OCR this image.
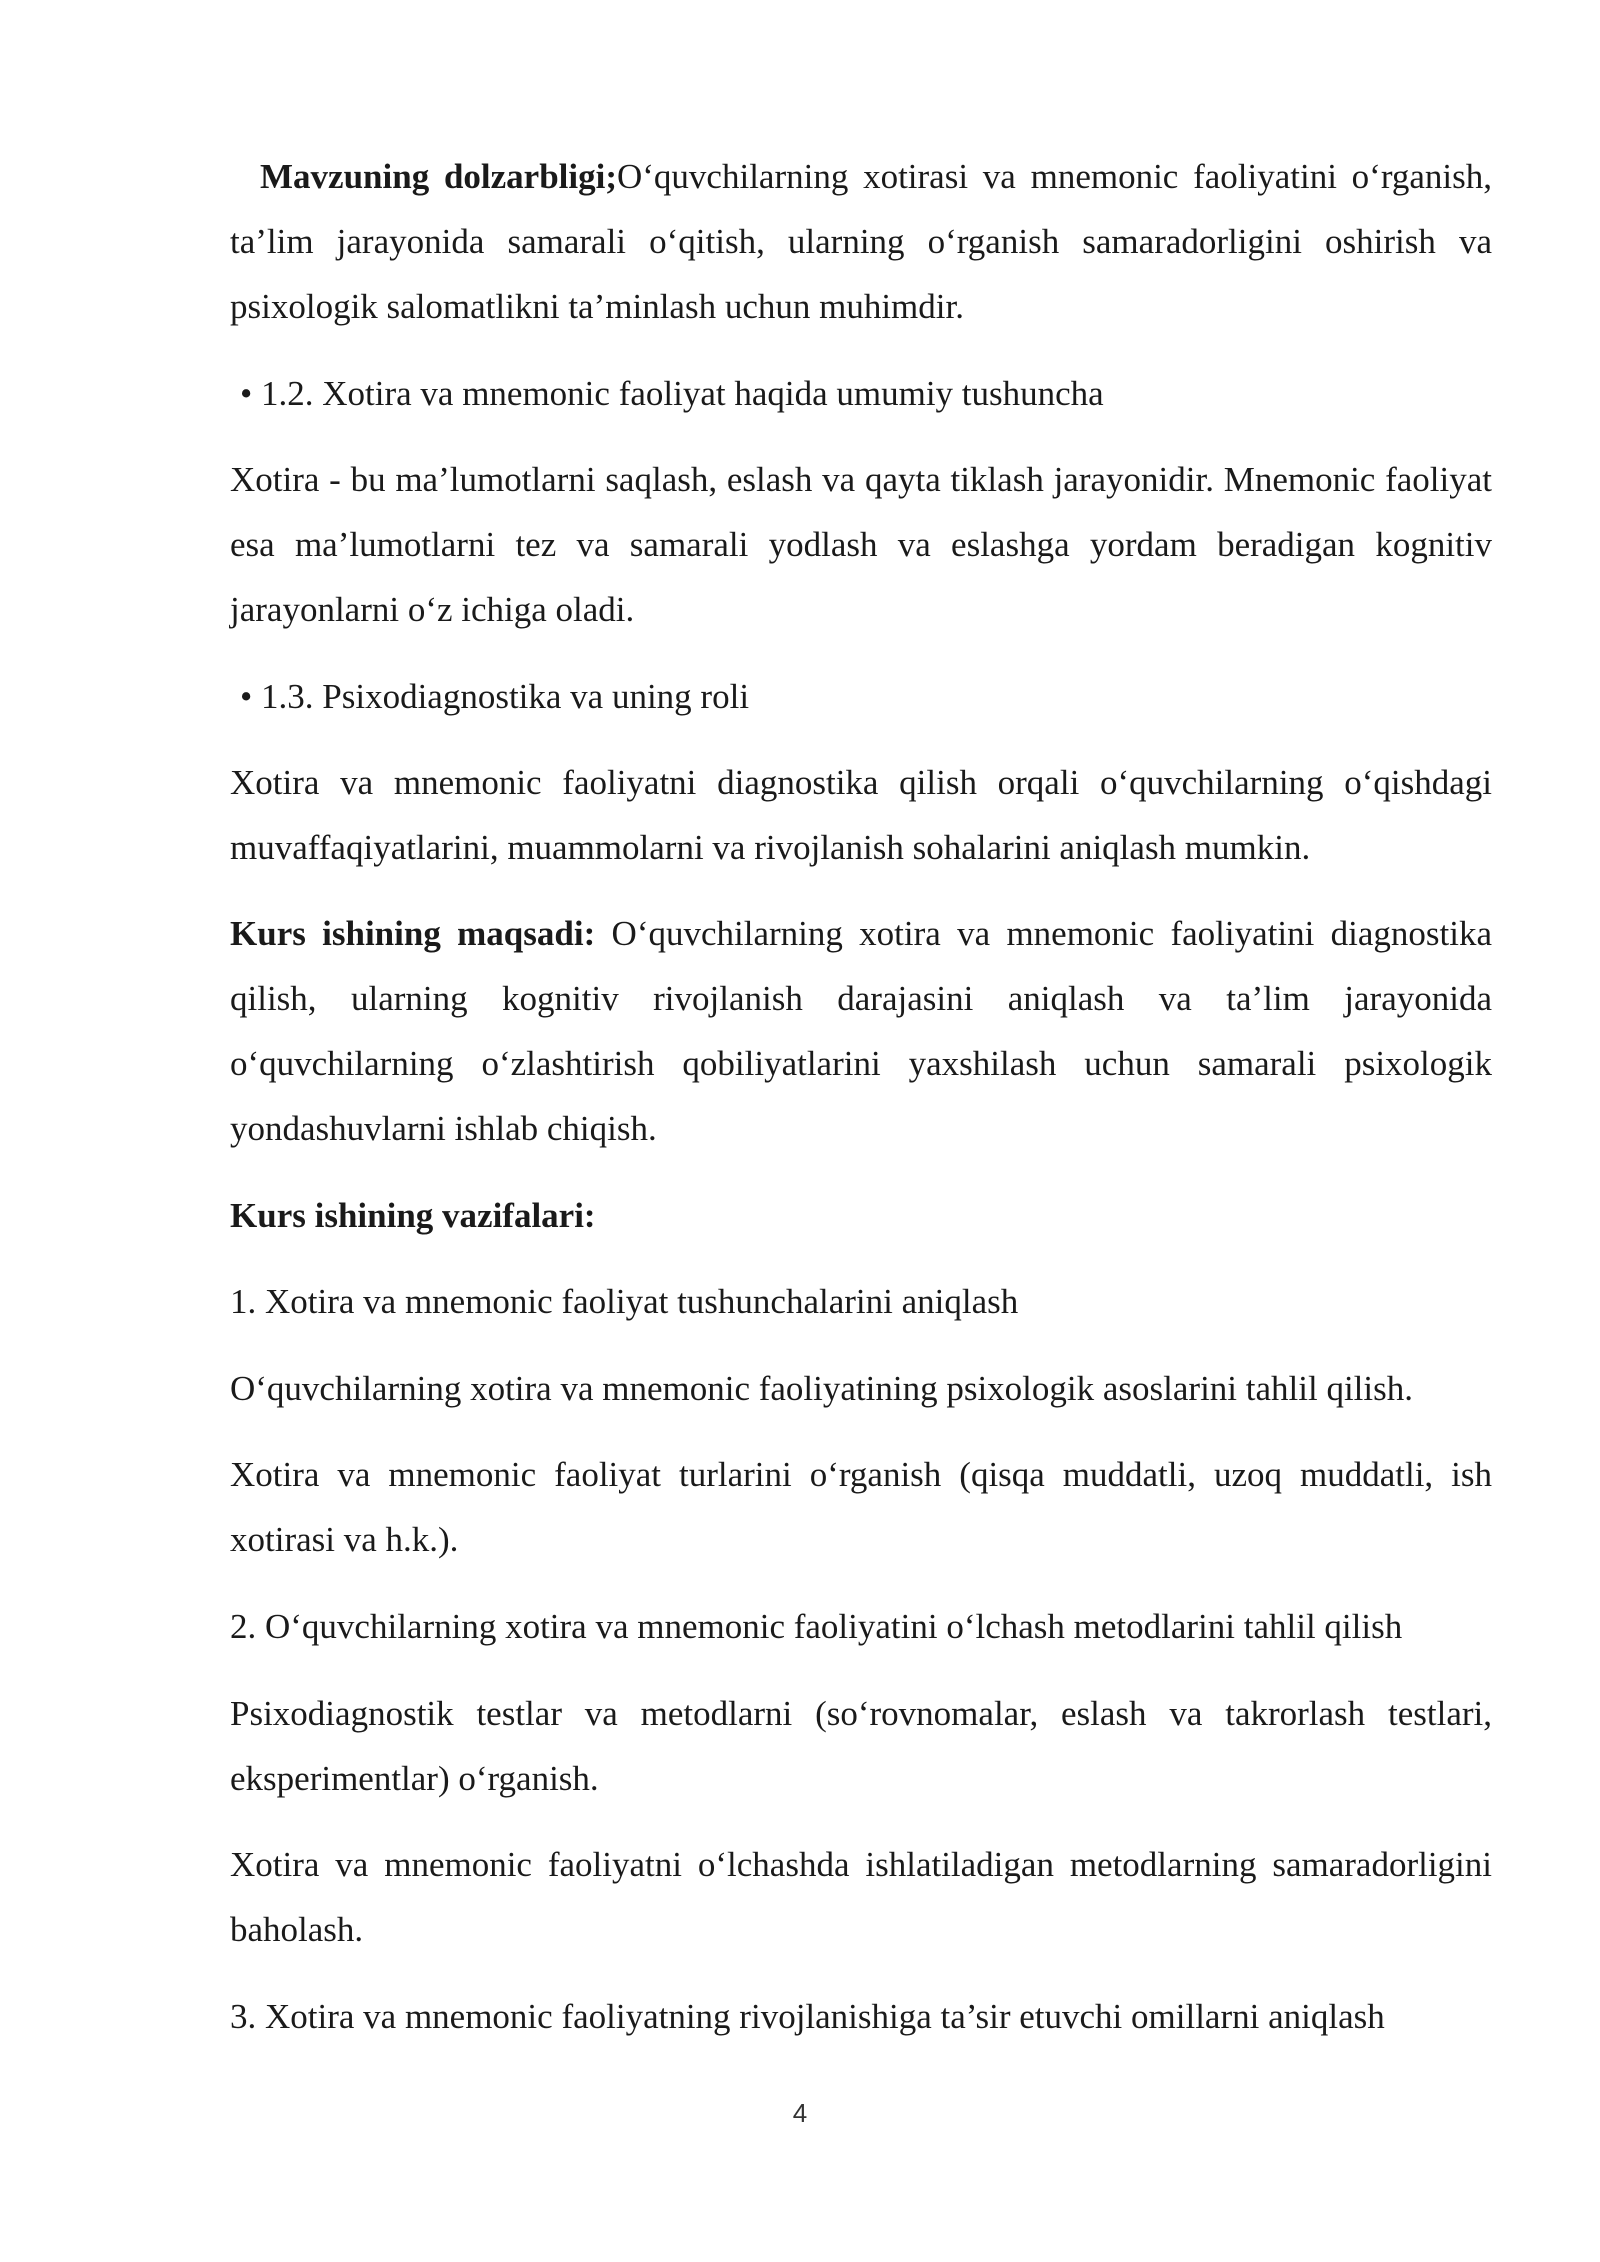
Mavzuning dolzarbligi;O‘quvchilarning xotirasi va mnemonic faoliyatini o‘rganish, ta’lim jarayonida samarali o‘qitish, ularning o‘rganish samaradorligini oshirish va psixologik salomatlikni ta’minlash uchun muhimdir.

• 1.2. Xotira va mnemonic faoliyat haqida umumiy tushuncha

Xotira - bu ma’lumotlarni saqlash, eslash va qayta tiklash jarayonidir. Mnemonic faoliyat esa ma’lumotlarni tez va samarali yodlash va eslashga yordam beradigan kognitiv jarayonlarni o‘z ichiga oladi.

• 1.3. Psixodiagnostika va uning roli

Xotira va mnemonic faoliyatni diagnostika qilish orqali o‘quvchilarning o‘qishdagi muvaffaqiyatlarini, muammolarni va rivojlanish sohalarini aniqlash mumkin.

Kurs ishining maqsadi: O‘quvchilarning xotira va mnemonic faoliyatini diagnostika qilish, ularning kognitiv rivojlanish darajasini aniqlash va ta’lim jarayonida o‘quvchilarning o‘zlashtirish qobiliyatlarini yaxshilash uchun samarali psixologik yondashuvlarni ishlab chiqish.

Kurs ishining vazifalari:

1. Xotira va mnemonic faoliyat tushunchalarini aniqlash

O‘quvchilarning xotira va mnemonic faoliyatining psixologik asoslarini tahlil qilish.

Xotira va mnemonic faoliyat turlarini o‘rganish (qisqa muddatli, uzoq muddatli, ish xotirasi va h.k.).

2. O‘quvchilarning xotira va mnemonic faoliyatini o‘lchash metodlarini tahlil qilish

Psixodiagnostik testlar va metodlarni (so‘rovnomalar, eslash va takrorlash testlari, eksperimentlar) o‘rganish.

Xotira va mnemonic faoliyatni o‘lchashda ishlatiladigan metodlarning samaradorligini baholash.

3. Xotira va mnemonic faoliyatning rivojlanishiga ta’sir etuvchi omillarni aniqlash

4
